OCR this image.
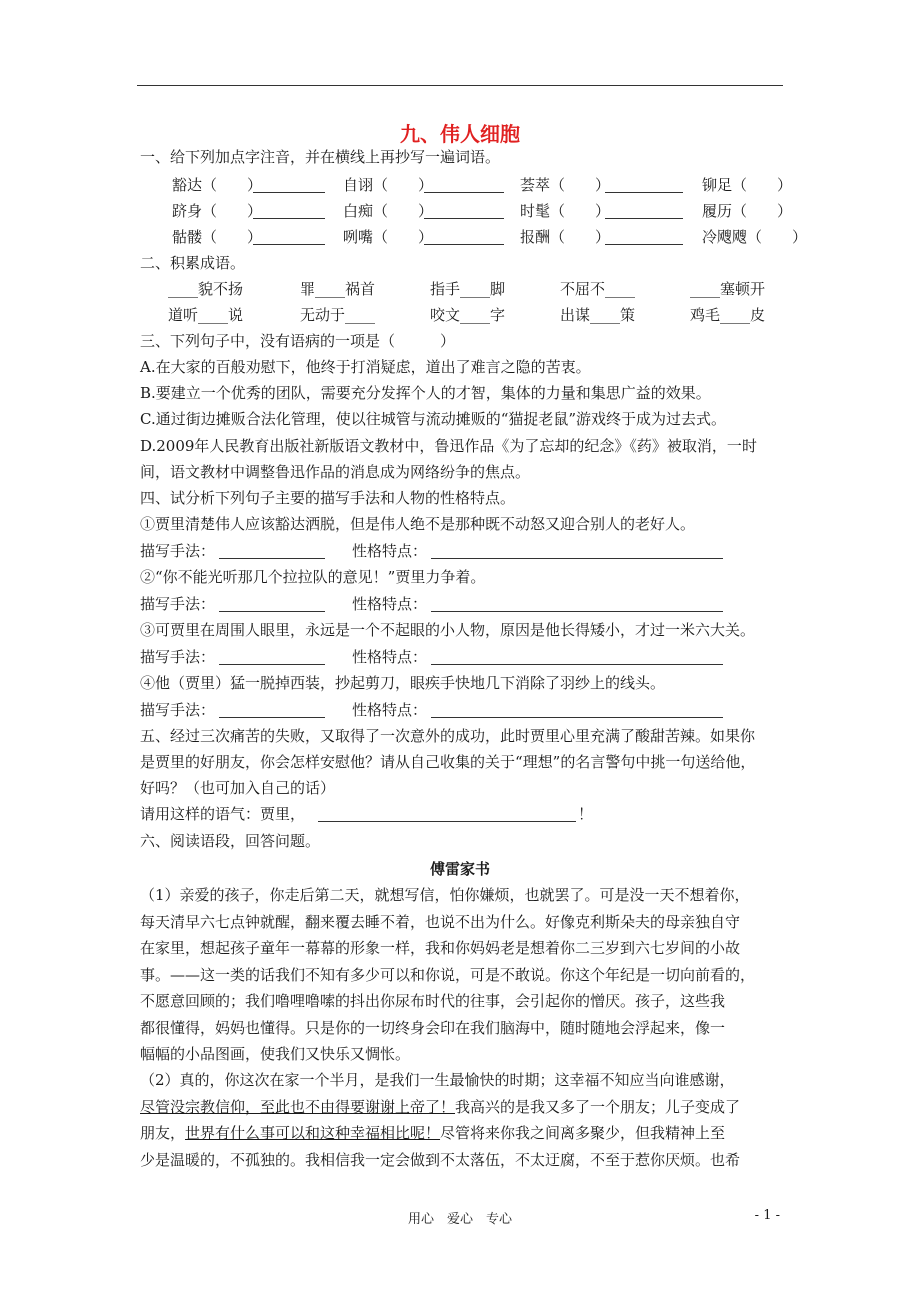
九、伟人细胞
一、给下列加点字注音，并在横线上再抄写一遍词语。
豁达（　　）	自诩（　　）	荟萃（　　）	铆足（　　）
跻身（　　）	白痴（　　）	时髦（　　）	履历（　　）
骷髅（　　）	咧嘴（　　）	报酬（　　）	冷飕飕（　　）
二、积累成语。
____貌不扬	罪____祸首	指手____脚	不屈不____	____塞顿开
道听____说	无动于____	咬文____字	出谋____策	鸡毛____皮
三、下列句子中，没有语病的一项是（　　　）
A.在大家的百般劝慰下，他终于打消疑虑，道出了难言之隐的苦衷。
B.要建立一个优秀的团队，需要充分发挥个人的才智，集体的力量和集思广益的效果。
C.通过街边摊贩合法化管理，使以往城管与流动摊贩的“猫捉老鼠”游戏终于成为过去式。
D.2009年人民教育出版社新版语文教材中，鲁迅作品《为了忘却的纪念》《药》被取消，一时
间，语文教材中调整鲁迅作品的消息成为网络纷争的焦点。
四、试分析下列句子主要的描写手法和人物的性格特点。
①贾里清楚伟人应该豁达洒脱，但是伟人绝不是那种既不动怒又迎合别人的老好人。
描写手法：	性格特点：
②“你不能光听那几个拉拉队的意见！”贾里力争着。
描写手法：	性格特点：
③可贾里在周围人眼里，永远是一个不起眼的小人物，原因是他长得矮小，才过一米六大关。
描写手法：	性格特点：
④他（贾里）猛一脱掉西装，抄起剪刀，眼疾手快地几下消除了羽纱上的线头。
描写手法：	性格特点：
五、经过三次痛苦的失败，又取得了一次意外的成功，此时贾里心里充满了酸甜苦辣。如果你
是贾里的好朋友，你会怎样安慰他？请从自己收集的关于“理想”的名言警句中挑一句送给他，
好吗？（也可加入自己的话）
请用这样的语气：贾里，	！
六、阅读语段，回答问题。
傅雷家书
（1）亲爱的孩子，你走后第二天，就想写信，怕你嫌烦，也就罢了。可是没一天不想着你，
每天清早六七点钟就醒，翻来覆去睡不着，也说不出为什么。好像克利斯朵夫的母亲独自守
在家里，想起孩子童年一幕幕的形象一样，我和你妈妈老是想着你二三岁到六七岁间的小故
事。——这一类的话我们不知有多少可以和你说，可是不敢说。你这个年纪是一切向前看的，
不愿意回顾的；我们噜哩噜嗦的抖出你尿布时代的往事，会引起你的憎厌。孩子，这些我
都很懂得，妈妈也懂得。只是你的一切终身会印在我们脑海中，随时随地会浮起来，像一
幅幅的小品图画，使我们又快乐又惆怅。
（2）真的，你这次在家一个半月，是我们一生最愉快的时期；这幸福不知应当向谁感谢，
尽管没宗教信仰，至此也不由得要谢谢上帝了！我高兴的是我又多了一个朋友；儿子变成了
朋友，世界有什么事可以和这种幸福相比呢！尽管将来你我之间离多聚少，但我精神上至
少是温暖的，不孤独的。我相信我一定会做到不太落伍，不太迂腐，不至于惹你厌烦。也希
用心　爱心　专心	- 1 -
